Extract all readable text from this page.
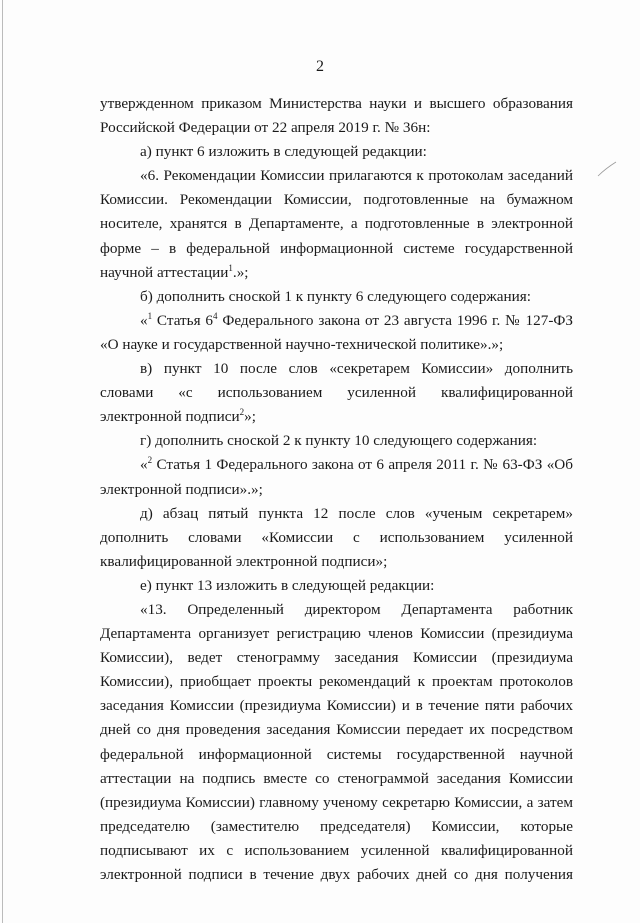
2

утвержденном приказом Министерства науки и высшего образования Российской Федерации от 22 апреля 2019 г. № 36н:

а) пункт 6 изложить в следующей редакции:

«6. Рекомендации Комиссии прилагаются к протоколам заседаний Комиссии. Рекомендации Комиссии, подготовленные на бумажном носителе, хранятся в Департаменте, а подготовленные в электронной форме – в федеральной информационной системе государственной научной аттестации$^1$.»;

б) дополнить сноской 1 к пункту 6 следующего содержания:

«$^1$ Статья $6^4$ Федерального закона от 23 августа 1996 г. № 127-ФЗ «О науке и государственной научно-технической политике».»;

в) пункт 10 после слов «секретарем Комиссии» дополнить словами «с использованием усиленной квалифицированной электронной подписи$^2$»;

г) дополнить сноской 2 к пункту 10 следующего содержания:

«$^2$ Статья 1 Федерального закона от 6 апреля 2011 г. № 63-ФЗ «Об электронной подписи».»;

д) абзац пятый пункта 12 после слов «ученым секретарем» дополнить словами «Комиссии с использованием усиленной квалифицированной электронной подписи»;

е) пункт 13 изложить в следующей редакции:

«13. Определенный директором Департамента работник Департамента организует регистрацию членов Комиссии (президиума Комиссии), ведет стенограмму заседания Комиссии (президиума Комиссии), приобщает проекты рекомендаций к проектам протоколов заседания Комиссии (президиума Комиссии) и в течение пяти рабочих дней со дня проведения заседания Комиссии передает их посредством федеральной информационной системы государственной научной аттестации на подпись вместе со стенограммой заседания Комиссии (президиума Комиссии) главному ученому секретарю Комиссии, а затем председателю (заместителю председателя) Комиссии, которые подписывают их с использованием усиленной квалифицированной электронной подписи в течение двух рабочих дней со дня получения
